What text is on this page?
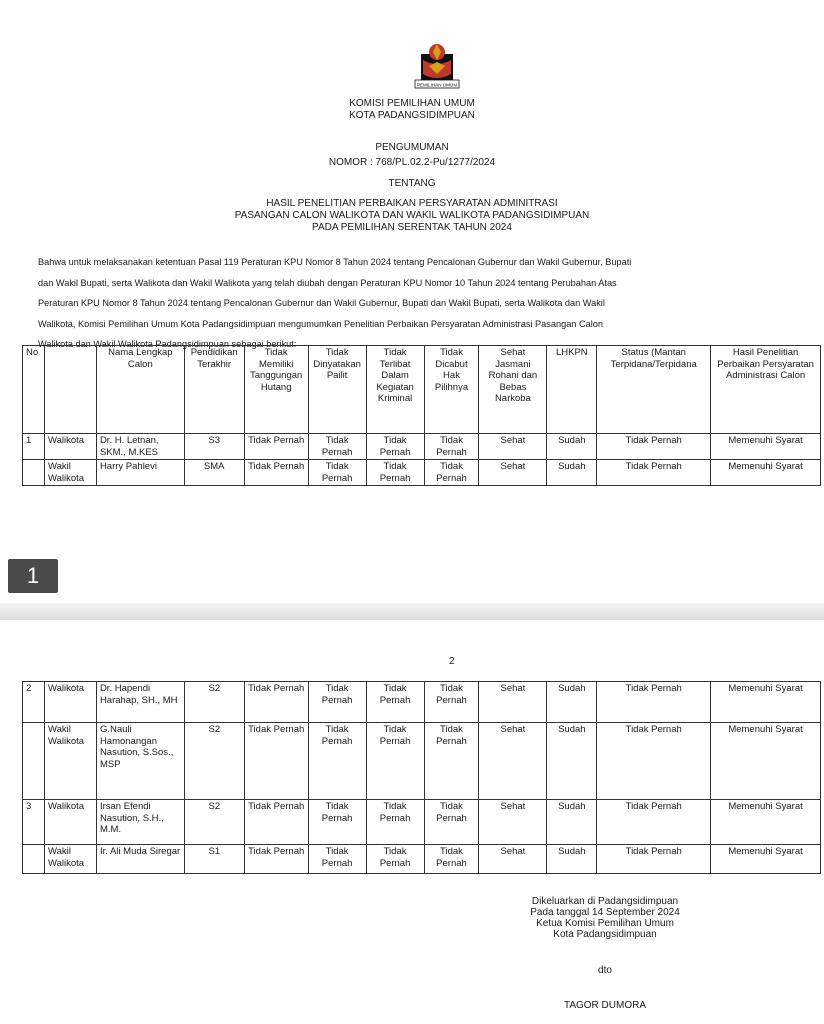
PEMILIHAN UMUM
KOMISI PEMILIHAN UMUM
KOTA PADANGSIDIMPUAN
PENGUMUMAN
NOMOR : 768/PL.02.2-Pu/1277/2024
TENTANG
HASIL PENELITIAN PERBAIKAN PERSYARATAN ADMINITRASI
PASANGAN CALON WALIKOTA DAN WAKIL WALIKOTA PADANGSIDIMPUAN
PADA PEMILIHAN SERENTAK TAHUN 2024
Bahwa untuk melaksanakan ketentuan Pasal 119 Peraturan KPU Nomor 8 Tahun 2024 tentang Pencalonan Gubernur dan Wakil Gubernur, Bupati
dan Wakil Bupati, serta Walikota dan Wakil Walikota yang telah diubah dengan Peraturan KPU Nomor 10 Tahun 2024 tentang Perubahan Atas
Peraturan KPU Nomor 8 Tahun 2024 tentang Pencalonan Gubernur dan Wakil Gubernur, Bupati dan Wakil Bupati, serta Walikota dan Wakil
Walikota, Komisi Pemilihan Umum Kota Padangsidimpuan mengumumkan Penelitian Perbaikan Persyaratan Administrasi Pasangan Calon
Walikota dan Wakil Walikota Padangsidimpuan sebagai berikut:
No		Nama Lengkap Calon	Pendidikan Terakhir	Tidak Memiliki Tanggungan Hutang	Tidak Dinyatakan Pailit	Tidak Terlibat Dalam Kegiatan Kriminal	Tidak Dicabut Hak Pilihnya	Sehat Jasmani Rohani dan Bebas Narkoba	LHKPN	Status (Mantan Terpidana/Terpidana	Hasil Penelitian Perbaikan Persyaratan Administrasi Calon
1	Walikota	Dr. H. Letnan, SKM., M.KES	S3	Tidak Pernah	Tidak Pernah	Tidak Pernah	Tidak Pernah	Sehat	Sudah	Tidak Pernah	Memenuhi Syarat
	Wakil Walikota	Harry Pahlevi	SMA	Tidak Pernah	Tidak Pernah	Tidak Pernah	Tidak Pernah	Sehat	Sudah	Tidak Pernah	Memenuhi Syarat
1
2
2	Walikota	Dr. Hapendi Harahap, SH., MH	S2	Tidak Pernah	Tidak Pernah	Tidak Pernah	Tidak Pernah	Sehat	Sudah	Tidak Pernah	Memenuhi Syarat
	Wakil Walikota	G.Nauli Hamonangan Nasution, S.Sos., MSP	S2	Tidak Pernah	Tidak Pernah	Tidak Pernah	Tidak Pernah	Sehat	Sudah	Tidak Pernah	Memenuhi Syarat
3	Walikota	Irsan Efendi Nasution, S.H., M.M.	S2	Tidak Pernah	Tidak Pernah	Tidak Pernah	Tidak Pernah	Sehat	Sudah	Tidak Pernah	Memenuhi Syarat
	Wakil Walikota	Ir. Ali Muda Siregar	S1	Tidak Pernah	Tidak Pernah	Tidak Pernah	Tidak Pernah	Sehat	Sudah	Tidak Pernah	Memenuhi Syarat
Dikeluarkan di Padangsidimpuan
Pada tanggal 14 September 2024
Ketua Komisi Pemilihan Umum
Kota Padangsidimpuan
dto
TAGOR DUMORA
